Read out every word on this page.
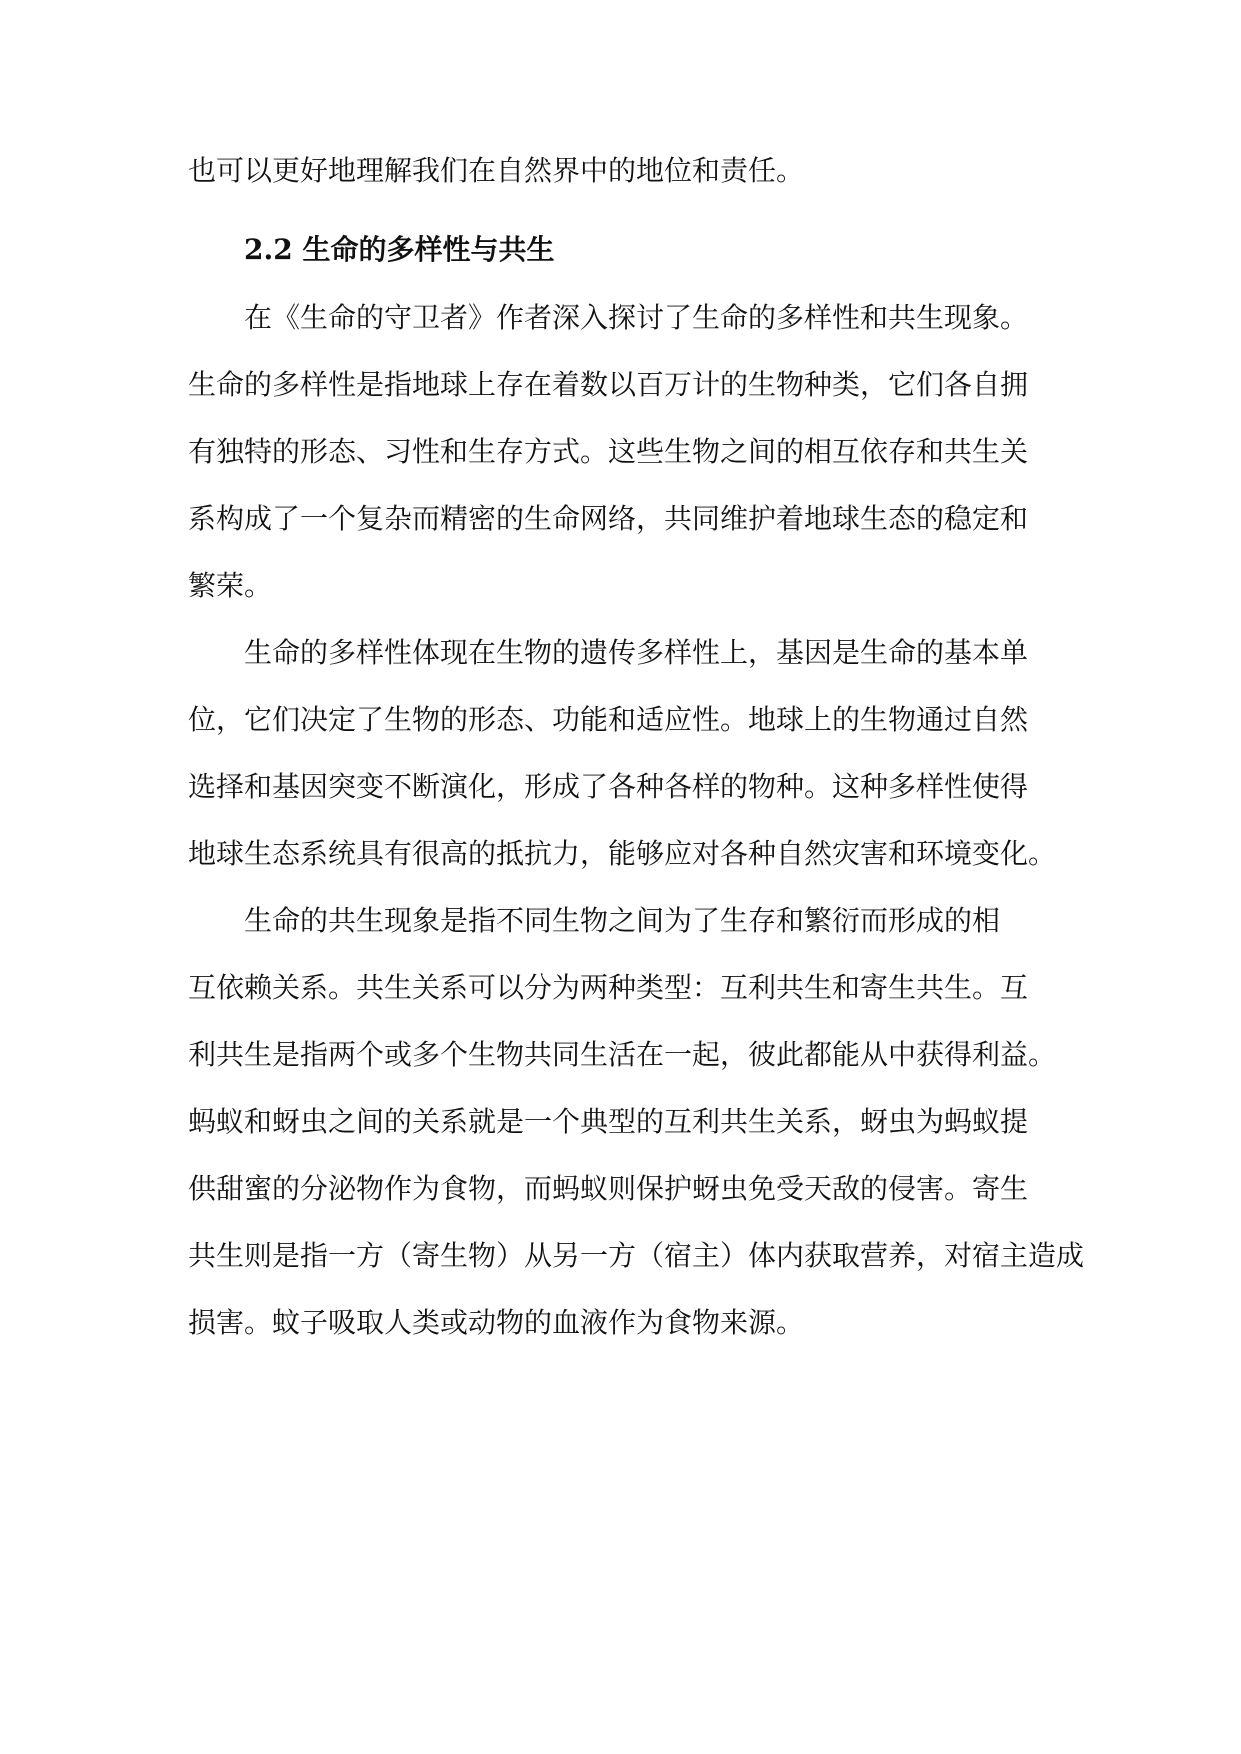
也可以更好地理解我们在自然界中的地位和责任。

2.2 生命的多样性与共生

在《生命的守卫者》作者深入探讨了生命的多样性和共生现象。

生命的多样性是指地球上存在着数以百万计的生物种类，它们各自拥

有独特的形态、习性和生存方式。这些生物之间的相互依存和共生关

系构成了一个复杂而精密的生命网络，共同维护着地球生态的稳定和

繁荣。

生命的多样性体现在生物的遗传多样性上，基因是生命的基本单

位，它们决定了生物的形态、功能和适应性。地球上的生物通过自然

选择和基因突变不断演化，形成了各种各样的物种。这种多样性使得

地球生态系统具有很高的抵抗力，能够应对各种自然灾害和环境变化。

生命的共生现象是指不同生物之间为了生存和繁衍而形成的相

互依赖关系。共生关系可以分为两种类型：互利共生和寄生共生。互

利共生是指两个或多个生物共同生活在一起，彼此都能从中获得利益。

蚂蚁和蚜虫之间的关系就是一个典型的互利共生关系，蚜虫为蚂蚁提

供甜蜜的分泌物作为食物，而蚂蚁则保护蚜虫免受天敌的侵害。寄生

共生则是指一方（寄生物）从另一方（宿主）体内获取营养，对宿主造成

损害。蚊子吸取人类或动物的血液作为食物来源。
